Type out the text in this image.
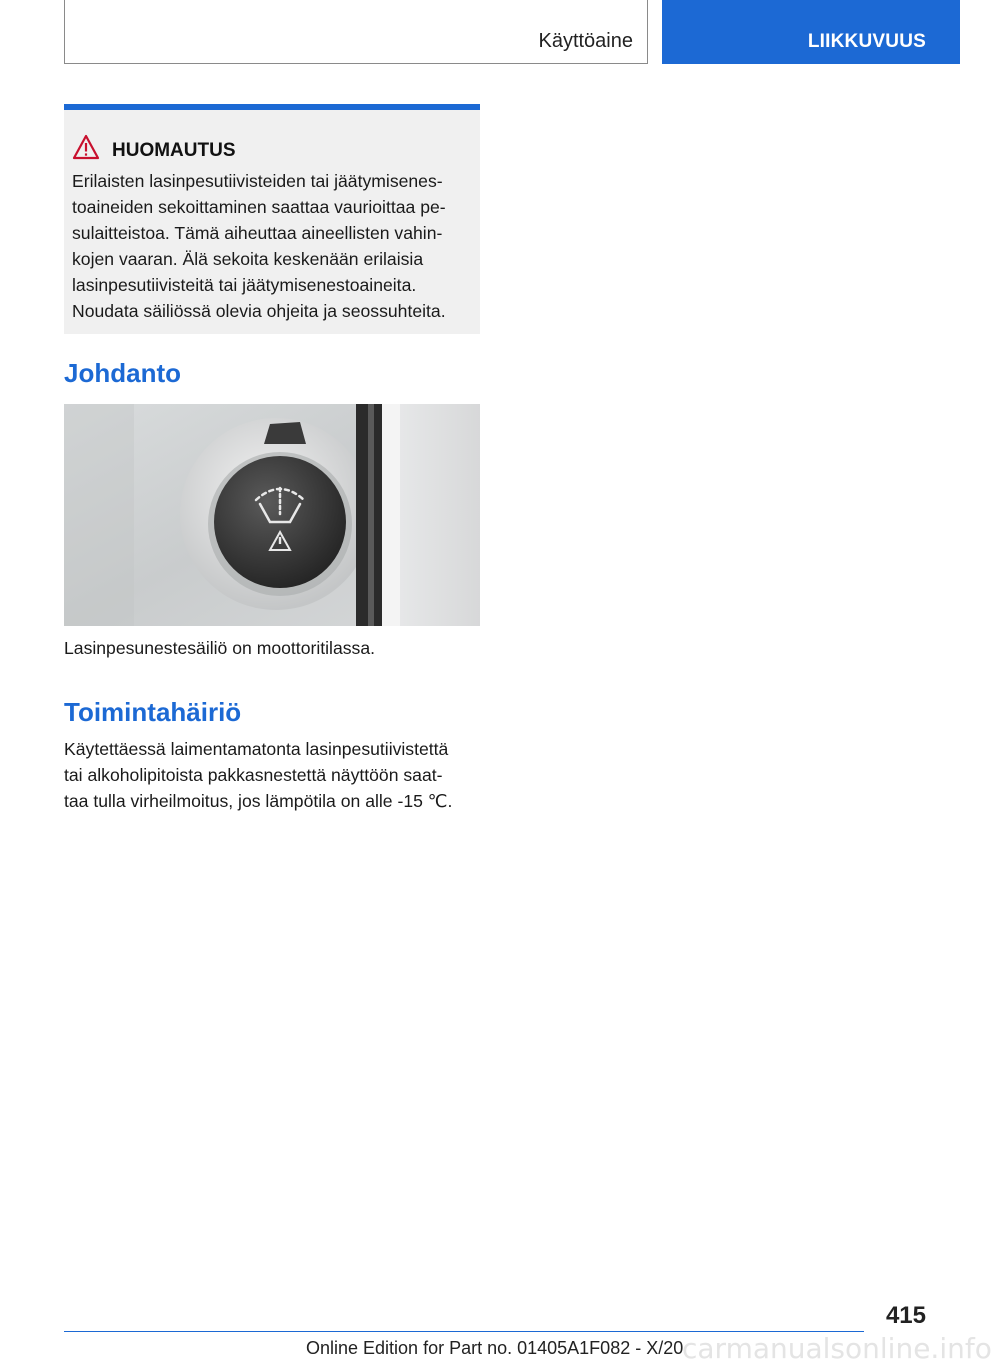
Käyttöaine	LIIKKUVUUS
HUOMAUTUS

Erilaisten lasinpesutiivisteiden tai jäätymisenes-
toaineiden sekoittaminen saattaa vaurioittaa pe-
sulaitteistoa. Tämä aiheuttaa aineellisten vahin-
kojen vaaran. Älä sekoita keskenään erilaisia
lasinpesutiivisteitä tai jäätymisenestoaineita.
Noudata säiliössä olevia ohjeita ja seossuhteita.

Johdanto

Lasinpesunestesäiliö on moottoritilassa.

Toimintahäiriö

Käytettäessä laimentamatonta lasinpesutiivistettä
tai alkoholipitoista pakkasnestettä näyttöön saat-
taa tulla virheilmoitus, jos lämpötila on alle -15 ℃.

415
Online Edition for Part no. 01405A1F082 - X/20
carmanualsonline.info
